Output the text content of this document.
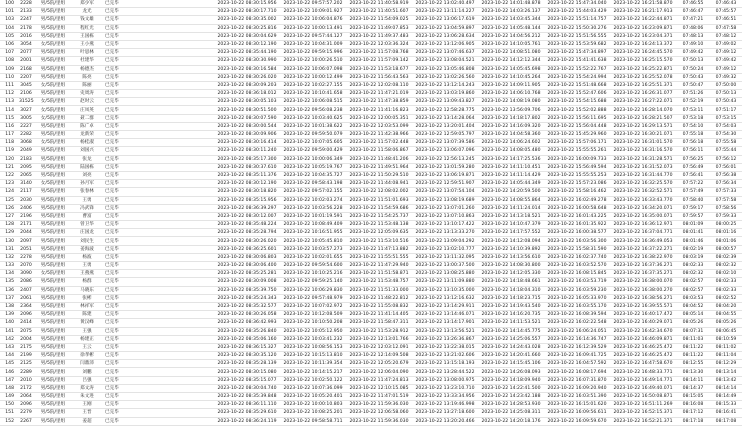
100	2228	男/5院/里组	郑少军	已完毕		2023-10-22 08:30:15.956	2023-10-22 09:57:57.202	2023-10-22 11:40:58.919	2023-10-22 13:02:40.497	2023-10-22 14:01:48.878	2023-10-22 15:47:34.040	2023-10-22 16:21:58.870	07:46:55	07:46:43
101	2133	男/5院/里组	龙光	已完毕		2023-10-22 08:30:17.710	2023-10-22 10:09:01.927	2023-10-22 11:40:51.607	2023-10-22 13:11:14.227	2023-10-22 14:03:26.137	2023-10-22 15:44:03.429	2023-10-22 16:21:17.913	07:46:47	07:45:57
103	2247	男/5院/里组	钱文雄	已完毕		2023-10-22 08:30:35.002	2023-10-22 10:06:04.876	2023-10-22 11:54:09.025	2023-10-22 13:06:17.619	2023-10-22 14:03:45.344	2023-10-22 15:51:14.757	2023-10-22 16:22:44.871	07:47:21	07:46:51
104	2178	男/5院/里组	程红光	已完毕		2023-10-22 08:30:25.816	2023-10-22 10:00:13.491	2023-10-22 11:49:07.853	2023-10-22 13:04:59.897	2023-10-22 14:05:48.144	2023-10-22 15:50:30.276	2023-10-22 16:23:09.871	07:48:06	07:47:58
105	2016	男/5院/里组	王国栋	已完毕		2023-10-22 08:30:04.629	2023-10-22 09:57:44.127	2023-10-22 11:49:37.483	2023-10-22 13:06:28.634	2023-10-22 14:04:56.212	2023-10-22 15:51:56.555	2023-10-22 16:23:04.371	07:48:13	07:48:12
106	3054	女/5院/里组	王小燕	已完毕		2023-10-22 08:30:12.190	2023-10-22 10:04:31.009	2023-10-22 12:03:36.324	2023-10-22 13:12:06.905	2023-10-22 14:10:05.761	2023-10-22 15:53:59.682	2023-10-22 16:24:13.372	07:49:10	07:49:02
107	2077	男/5院/里组	叶思林	已完毕		2023-10-22 08:35:44.190	2023-10-22 09:59:15.996	2023-10-22 11:57:08.768	2023-10-22 13:07:46.637	2023-10-22 14:08:51.080	2023-10-22 15:47:34.897	2023-10-22 16:24:45.570	07:49:42	07:49:12
108	2001	男/5院/里组	杜建华	已完毕		2023-10-22 08:30:30.990	2023-10-22 10:00:26.510	2023-10-22 11:57:09.142	2023-10-22 13:08:04.521	2023-10-22 14:12:12.344	2023-10-22 15:41:41.638	2023-10-22 16:25:15.570	07:50:13	07:49:42
109	2168	男/5院/里组	杨德杰	已完毕		2023-10-22 08:30:16.584	2023-10-22 10:06:07.098	2023-10-22 11:53:18.677	2023-10-22 13:05:46.808	2023-10-22 14:05:45.698	2023-10-22 15:52:22.767	2023-10-22 16:25:22.871	07:50:24	07:49:12
110	2207	男/5院/里组	陈亮	已完毕		2023-10-22 08:30:26.020	2023-10-22 10:00:12.499	2023-10-22 11:56:43.563	2023-10-22 13:02:26.560	2023-10-22 14:10:45.264	2023-10-22 15:54:24.994	2023-10-22 16:25:52.078	07:50:43	07:49:32
111	3045	女/5院/里组	陈丽	已完毕		2023-10-22 08:30:09.203	2023-10-22 10:02:27.155	2023-10-22 12:02:08.110	2023-10-22 13:12:14.243	2023-10-22 14:09:11.905	2023-10-22 15:51:48.668	2023-10-22 16:25:51.371	07:50:47	07:50:00
112	2106	男/5院/里组	史周涛	已完毕		2023-10-22 08:36:18.012	2023-10-22 10:10:41.658	2023-10-22 11:47:21.019	2023-10-22 13:03:19.860	2023-10-22 14:06:10.768	2023-10-22 15:52:47.606	2023-10-22 16:26:31.077	07:51:26	07:50:13
113	31525	女/5院/里组	赵时云	已完毕		2023-10-22 08:30:05.103	2023-10-22 10:06:08.515	2023-10-22 11:47:38.859	2023-10-22 13:09:43.827	2023-10-22 14:08:19.080	2023-10-22 15:54:15.688	2023-10-22 16:27:22.071	07:52:19	07:50:43
114	3027	女/5院/里组	庄凤英	已完毕		2023-10-22 08:30:51.500	2023-10-22 09:56:08.238	2023-10-22 11:41:16.823	2023-10-22 12:58:28.775	2023-10-22 13:56:09.706	2023-10-22 15:52:02.888	2023-10-22 16:28:14.070	07:53:11	07:51:17
115	3005	女/5院/里组	聂二群	已完毕		2023-10-22 08:30:07.590	2023-10-22 10:03:40.625	2023-10-22 12:00:05.351	2023-10-22 13:14:28.064	2023-10-22 14:18:17.802	2023-10-22 15:56:11.695	2023-10-22 16:28:21.507	07:53:18	07:53:15
116	2227	男/5院/里组	陈广卓	已完毕		2023-10-22 08:30:00.544	2023-10-22 10:01:38.622	2023-10-22 12:03:53.099	2023-10-22 13:20:01.404	2023-10-22 14:16:09.320	2023-10-22 15:56:04.448	2023-10-22 16:29:13.571	07:54:10	07:54:03
117	2282	男/5院/里组	龙新荣	已完毕		2023-10-22 08:30:09.906	2023-10-22 09:59:50.079	2023-10-22 11:42:38.966	2023-10-22 12:59:05.797	2023-10-22 14:04:58.360	2023-10-22 15:45:29.960	2023-10-22 16:30:21.071	07:55:18	07:54:30
118	3068	女/5院/里组	杨桂淑	已完毕		2023-10-22 08:30:16.414	2023-10-22 10:07:05.605	2023-10-22 11:57:02.448	2023-10-22 13:07:39.586	2023-10-22 14:06:24.602	2023-10-22 15:57:06.171	2023-10-22 16:31:01.570	07:56:18	07:55:58
119	2049	男/5院/里组	刘国兴	已完毕		2023-10-22 08:30:11.240	2023-10-22 09:59:00.429	2023-10-22 11:58:06.867	2023-10-22 13:06:07.096	2023-10-22 14:08:05.480	2023-10-22 15:55:55.261	2023-10-22 16:31:16.570	07:56:11	07:55:44
120	2183	男/5院/里组	张龙	已完毕		2023-10-22 08:35:17.300	2023-10-22 10:00:06.349	2023-10-22 11:48:41.206	2023-10-22 12:56:13.245	2023-10-22 14:17:25.536	2023-10-22 16:00:09.733	2023-10-22 16:31:28.571	07:56:25	07:56:12
121	2095	男/5院/里组	陆国栋	已完毕		2023-10-22 08:30:37.610	2023-10-22 10:05:19.767	2023-10-22 11:49:51.964	2023-10-22 13:01:59.280	2023-10-22 14:11:10.451	2023-10-22 15:56:49.594	2023-10-22 16:31:52.073	07:56:49	07:56:01
122	2065	男/5院/里组	刘亮	已完毕		2023-10-22 08:35:11.376	2023-10-22 10:04:35.727	2023-10-22 11:50:29.510	2023-10-22 13:06:19.871	2023-10-22 14:11:14.429	2023-10-22 15:55:55.253	2023-10-22 16:31:44.770	07:56:41	07:56:38
123	3140	女/5院/里组	孙月军	已完毕		2023-10-22 08:30:12.190	2023-10-22 09:58:43.198	2023-10-22 11:44:08.941	2023-10-22 12:59:51.907	2023-10-22 14:05:44.349	2023-10-22 15:57:23.086	2023-10-22 16:32:25.570	07:57:22	07:56:34
124	2117	男/5院/里组	张春林	已完毕		2023-10-22 08:30:18.820	2023-10-22 09:57:02.155	2023-10-22 12:08:02.002	2023-10-22 13:07:54.104	2023-10-22 14:20:59.500	2023-10-22 15:58:16.462	2023-10-22 16:32:52.571	07:57:49	07:57:33
125	2030	男/5院/里组	王勇	已完毕		2023-10-22 08:35:15.956	2023-10-22 10:02:03.274	2023-10-22 11:51:01.693	2023-10-22 13:08:19.689	2023-10-22 14:08:55.864	2023-10-22 16:02:49.278	2023-10-22 16:33:43.770	07:58:40	07:57:58
126	2406	男/5院/里组	冯武锋	已完毕		2023-10-22 08:36:39.297	2023-10-22 10:03:56.228	2023-10-22 11:54:59.686	2023-10-22 13:07:01.260	2023-10-22 14:11:24.014	2023-10-22 16:00:58.648	2023-10-22 16:34:20.071	07:59:17	07:58:56
127	2196	男/5院/里组	曹富	已完毕		2023-10-22 08:30:12.007	2023-10-22 10:01:19.591	2023-10-22 11:54:25.737	2023-10-22 13:07:10.863	2023-10-22 14:13:18.521	2023-10-22 16:01:43.225	2023-10-22 16:35:00.071	07:59:57	07:59:33
128	2171	男/5院/里组	曾卫华	已完毕		2023-10-22 08:35:48.224	2023-10-22 10:08:49.409	2023-10-22 11:53:48.138	2023-10-22 13:10:17.422	2023-10-22 14:10:47.379	2023-10-22 16:01:35.922	2023-10-22 16:36:12.971	08:01:09	08:00:25
129	2044	男/5院/里组	庄国龙	已完毕		2023-10-22 08:35:28.794	2023-10-22 10:16:51.955	2023-10-22 12:05:09.635	2023-10-22 13:13:33.270	2023-10-22 14:17:57.552	2023-10-22 16:00:38.577	2023-10-22 16:37:04.771	08:01:41	08:01:16
130	2097	男/5院/里组	刘民生	已完毕		2023-10-22 08:30:26.020	2023-10-22 10:05:45.810	2023-10-22 11:53:10.516	2023-10-22 13:09:04.292	2023-10-22 14:12:08.094	2023-10-22 16:03:56.300	2023-10-22 16:36:49.053	08:01:46	08:01:06
131	2051	男/5院/里组	姜海波	已完毕		2023-10-22 08:36:25.601	2023-10-22 10:03:57.273	2023-10-22 11:47:13.882	2023-10-22 13:02:10.777	2023-10-22 14:10:39.892	2023-10-22 15:58:31.590	2023-10-22 16:37:22.271	08:02:19	08:00:57
132	2278	男/5院/里组	杨波	已完毕		2023-10-22 08:30:06.803	2023-10-22 10:02:01.655	2023-10-22 11:55:51.555	2023-10-22 13:11:32.095	2023-10-22 14:13:56.610	2023-10-22 16:02:37.740	2023-10-22 16:38:22.970	08:03:19	08:02:39
133	2070	男/5院/里组	王勇	已完毕		2023-10-22 08:30:06.400	2023-10-22 09:59:54.600	2023-10-22 11:47:29.940	2023-10-22 13:00:37.500	2023-10-22 14:08:30.800	2023-10-22 16:03:52.570	2023-10-22 16:37:36.271	08:02:33	08:02:32
134	3090	女/5院/里组	王燕燕	已完毕		2023-10-22 08:35:25.281	2023-10-22 10:10:25.216	2023-10-22 11:51:58.871	2023-10-22 13:08:25.880	2023-10-22 14:12:05.330	2023-10-22 16:08:15.845	2023-10-22 16:37:35.271	08:02:32	08:02:10
135	2086	男/5院/里组	杨群	已完毕		2023-10-22 08:30:09.008	2023-10-22 09:59:25.140	2023-10-22 11:53:48.757	2023-10-22 13:11:09.880	2023-10-22 14:18:48.661	2023-10-22 16:03:53.719	2023-10-22 16:38:00.070	08:02:57	08:02:33
136	2407	男/5院/里组	马晓东	已完毕		2023-10-22 08:35:39.750	2023-10-22 10:06:29.830	2023-10-22 11:51:33.000	2023-10-22 13:10:35.000	2023-10-22 14:18:04.310	2023-10-22 16:03:59.230	2023-10-22 16:38:00.270	08:02:57	08:02:33
137	2061	男/5院/里组	张彬	已完毕		2023-10-22 08:35:24.343	2023-10-22 09:57:48.979	2023-10-22 11:48:22.812	2023-10-22 13:12:16.632	2023-10-22 14:18:23.715	2023-10-22 16:05:33.970	2023-10-22 16:38:56.271	08:03:53	08:02:52
138	2364	男/5院/里组	林祥军	已完毕		2023-10-22 08:35:32.577	2023-10-22 10:07:02.972	2023-10-22 11:55:08.832	2023-10-22 13:14:29.911	2023-10-22 14:19:43.540	2023-10-22 16:03:55.170	2023-10-22 16:39:55.571	08:04:52	08:04:20
139	2096	男/5院/里组	陈建	已完毕		2023-10-22 08:30:26.058	2023-10-22 10:12:08.509	2023-10-22 11:41:14.405	2023-10-22 13:14:46.071	2023-10-22 14:16:20.735	2023-10-22 16:08:39.594	2023-10-22 16:40:17.472	08:05:14	08:04:55
140	2414	男/5院/里组	黄汉峰	已完毕		2023-10-22 08:36:42.993	2023-10-22 10:10:50.208	2023-10-22 11:58:47.311	2023-10-22 13:14:17.901	2023-10-22 14:11:53.521	2023-10-22 16:02:22.548	2023-10-22 16:40:29.071	08:05:26	08:05:26
141	2075	男/5院/里组	王强	已完毕		2023-10-22 08:35:26.840	2023-10-22 10:05:12.950	2023-10-22 11:53:28.912	2023-10-22 13:13:56.521	2023-10-22 14:14:45.775	2023-10-22 16:06:24.051	2023-10-22 16:42:34.670	08:07:31	08:06:45
142	2004	男/5院/里组	杨建正	已完毕		2023-10-22 08:35:06.160	2023-10-22 10:03:41.232	2023-10-22 12:13:01.766	2023-10-22 13:26:36.867	2023-10-22 14:25:06.557	2023-10-22 16:14:36.747	2023-10-22 16:46:09.871	08:11:03	08:10:59
143	2175	男/5院/里组	王云	已完毕		2023-10-22 08:36:15.327	2023-10-22 10:08:56.153	2023-10-22 12:03:12.091	2023-10-22 13:22:38.015	2023-10-22 14:24:43.028	2023-10-22 16:12:39.529	2023-10-22 16:46:25.472	08:11:22	08:11:02
144	2199	男/5院/里组	徐孝彬	已完毕		2023-10-22 08:30:35.120	2023-10-22 10:15:13.810	2023-10-22 12:14:09.508	2023-10-22 13:21:02.606	2023-10-22 14:20:41.660	2023-10-22 16:09:41.725	2023-10-22 16:46:25.472	08:11:22	08:11:04
145	2125	男/5院/里组	闫鼎沛	已完毕		2023-10-22 08:35:28.139	2023-10-22 10:11:39.354	2023-10-22 12:05:20.679	2023-10-22 13:15:18.193	2023-10-22 14:15:45.106	2023-10-22 16:04:57.592	2023-10-22 16:47:58.670	08:12:55	08:12:29
146	2289	男/5院/里组	刘鹏	已完毕		2023-10-22 08:30:15.080	2023-10-22 10:14:15.217	2023-10-22 12:06:04.090	2023-10-22 13:28:44.522	2023-10-22 14:26:08.093	2023-10-22 16:08:17.694	2023-10-22 16:48:33.771	08:13:30	08:13:14
147	2010	男/5院/里组	吕强	已完毕		2023-10-22 08:35:15.077	2023-10-22 10:02:50.122	2023-10-22 11:47:24.813	2023-10-22 13:08:00.975	2023-10-22 14:18:09.940	2023-10-22 16:07:31.870	2023-10-22 16:49:14.771	08:14:11	08:13:42
148	2172	男/5院/里组	郑文涛	已完毕		2023-10-22 08:30:04.740	2023-10-22 10:07:36.099	2023-10-22 12:10:15.085	2023-10-22 13:23:10.710	2023-10-22 14:22:41.500	2023-10-22 16:09:20.940	2023-10-22 16:49:40.071	08:14:37	08:14:14
149	2064	男/5院/里组	朱文进	已完毕		2023-10-22 08:35:39.848	2023-10-22 10:05:20.401	2023-10-22 11:47:01.519	2023-10-22 13:33:34.956	2023-10-22 14:23:42.188	2023-10-22 16:03:51.390	2023-10-22 16:50:08.871	08:15:05	08:14:49
150	2096	男/5院/里组	王刚	已完毕		2023-10-22 08:36:11.110	2023-10-22 10:00:10.803	2023-10-22 11:59:36.030	2023-10-22 13:19:46.998	2023-10-22 14:28:53.930	2023-10-22 16:15:01.620	2023-10-22 16:51:11.269	08:16:08	08:15:33
151	2279	男/5院/里组	王晋	已完毕		2023-10-22 08:35:29.610	2023-10-22 10:08:25.201	2023-10-22 12:06:58.060	2023-10-22 13:27:18.600	2023-10-22 14:25:08.311	2023-10-22 16:09:56.611	2023-10-22 16:52:15.371	08:17:12	08:16:41
152	2267	男/5院/里组	姜超	已完毕		2023-10-22 08:36:24.119	2023-10-22 09:58:58.711	2023-10-22 11:59:36.030	2023-10-22 13:20:20.466	2023-10-22 14:20:18.176	2023-10-22 16:09:59.670	2023-10-22 16:52:21.371	08:17:18	08:17:08
